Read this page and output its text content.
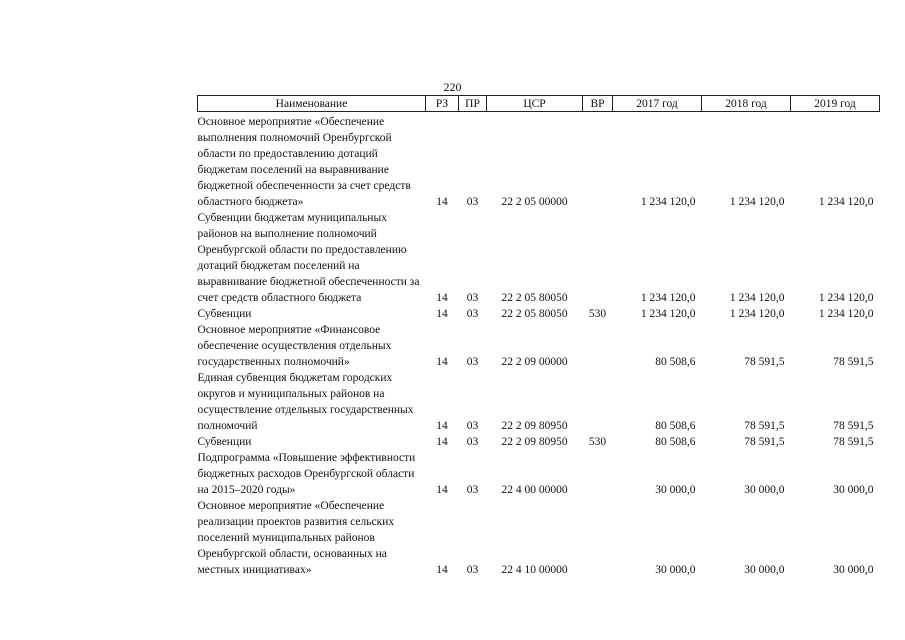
220
Наименование	РЗ	ПР	ЦСР	ВР	2017 год	2018 год	2019 год
Основное мероприятие «Обеспечение выполнения полномочий Оренбургской области по предоставлению дотаций бюджетам поселений на выравнивание бюджетной обеспеченности за счет средств областного бюджета»	14	03	22 2 05 00000		1 234 120,0	1 234 120,0	1 234 120,0
Субвенции бюджетам муниципальных районов на выполнение полномочий Оренбургской области по предоставлению дотаций бюджетам поселений на выравнивание бюджетной обеспеченности за счет средств областного бюджета	14	03	22 2 05 80050		1 234 120,0	1 234 120,0	1 234 120,0
Субвенции	14	03	22 2 05 80050	530	1 234 120,0	1 234 120,0	1 234 120,0
Основное мероприятие «Финансовое обеспечение осуществления отдельных государственных полномочий»	14	03	22 2 09 00000		80 508,6	78 591,5	78 591,5
Единая субвенция бюджетам городских округов и муниципальных районов на осуществление отдельных государственных полномочий	14	03	22 2 09 80950		80 508,6	78 591,5	78 591,5
Субвенции	14	03	22 2 09 80950	530	80 508,6	78 591,5	78 591,5
Подпрограмма «Повышение эффективности бюджетных расходов Оренбургской области на 2015–2020 годы»	14	03	22 4 00 00000		30 000,0	30 000,0	30 000,0
Основное мероприятие «Обеспечение реализации проектов развития сельских поселений муниципальных районов Оренбургской области, основанных на местных инициативах»	14	03	22 4 10 00000		30 000,0	30 000,0	30 000,0
